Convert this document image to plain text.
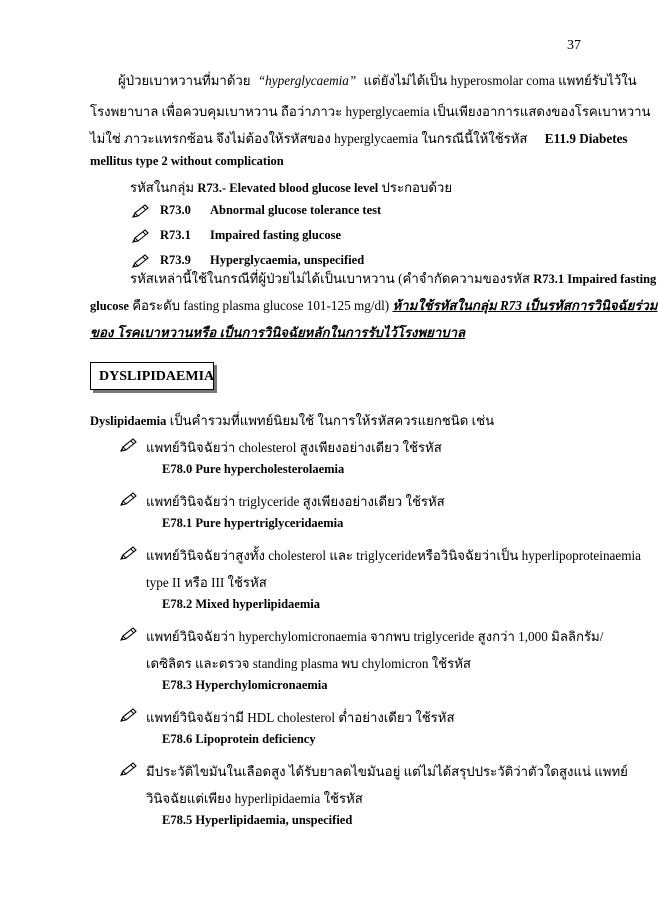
37
ผู้ป่วยเบาหวานที่มาด้วย “hyperglycaemia” แต่ยังไม่ได้เป็น hyperosmolar coma แพทย์รับไว้ใน
โรงพยาบาล เพื่อควบคุมเบาหวาน ถือว่าภาวะ hyperglycaemia เป็นเพียงอาการแสดงของโรคเบาหวาน
ไม่ใช่ ภาวะแทรกซ้อน จึงไม่ต้องให้รหัสของ hyperglycaemia ในกรณีนี้ให้ใช้รหัส E11.9 Diabetes
mellitus type 2 without complication
รหัสในกลุ่ม R73.- Elevated blood glucose level ประกอบด้วย
R73.0 Abnormal glucose tolerance test
R73.1 Impaired fasting glucose
R73.9 Hyperglycaemia, unspecified
รหัสเหล่านี้ใช้ในกรณีที่ผู้ป่วยไม่ได้เป็นเบาหวาน (คำจำกัดความของรหัส R73.1 Impaired fasting
glucose คือระดับ fasting plasma glucose 101-125 mg/dl) ห้ามใช้รหัสในกลุ่ม R73 เป็นรหัสการวินิจฉัยร่วม
ของ โรคเบาหวานหรือ เป็นการวินิจฉัยหลักในการรับไว้โรงพยาบาล
DYSLIPIDAEMIA
Dyslipidaemia เป็นคำรวมที่แพทย์นิยมใช้ ในการให้รหัสควรแยกชนิด เช่น
แพทย์วินิจฉัยว่า cholesterol สูงเพียงอย่างเดียว ใช้รหัส
E78.0 Pure hypercholesterolaemia
แพทย์วินิจฉัยว่า triglyceride สูงเพียงอย่างเดียว ใช้รหัส
E78.1 Pure hypertriglyceridaemia
แพทย์วินิจฉัยว่าสูงทั้ง cholesterol และ triglycerideหรือวินิจฉัยว่าเป็น hyperlipoproteinaemia
type II หรือ III ใช้รหัส
E78.2 Mixed hyperlipidaemia
แพทย์วินิจฉัยว่า hyperchylomicronaemia จากพบ triglyceride สูงกว่า 1,000 มิลลิกรัม/
เดซิลิตร และตรวจ standing plasma พบ chylomicron ใช้รหัส
E78.3 Hyperchylomicronaemia
แพทย์วินิจฉัยว่ามี HDL cholesterol ต่ำอย่างเดียว ใช้รหัส
E78.6 Lipoprotein deficiency
มีประวัติไขมันในเลือดสูง ได้รับยาลดไขมันอยู่ แต่ไม่ได้สรุปประวัติว่าตัวใดสูงแน่ แพทย์
วินิจฉัยแต่เพียง hyperlipidaemia ใช้รหัส
E78.5 Hyperlipidaemia, unspecified
